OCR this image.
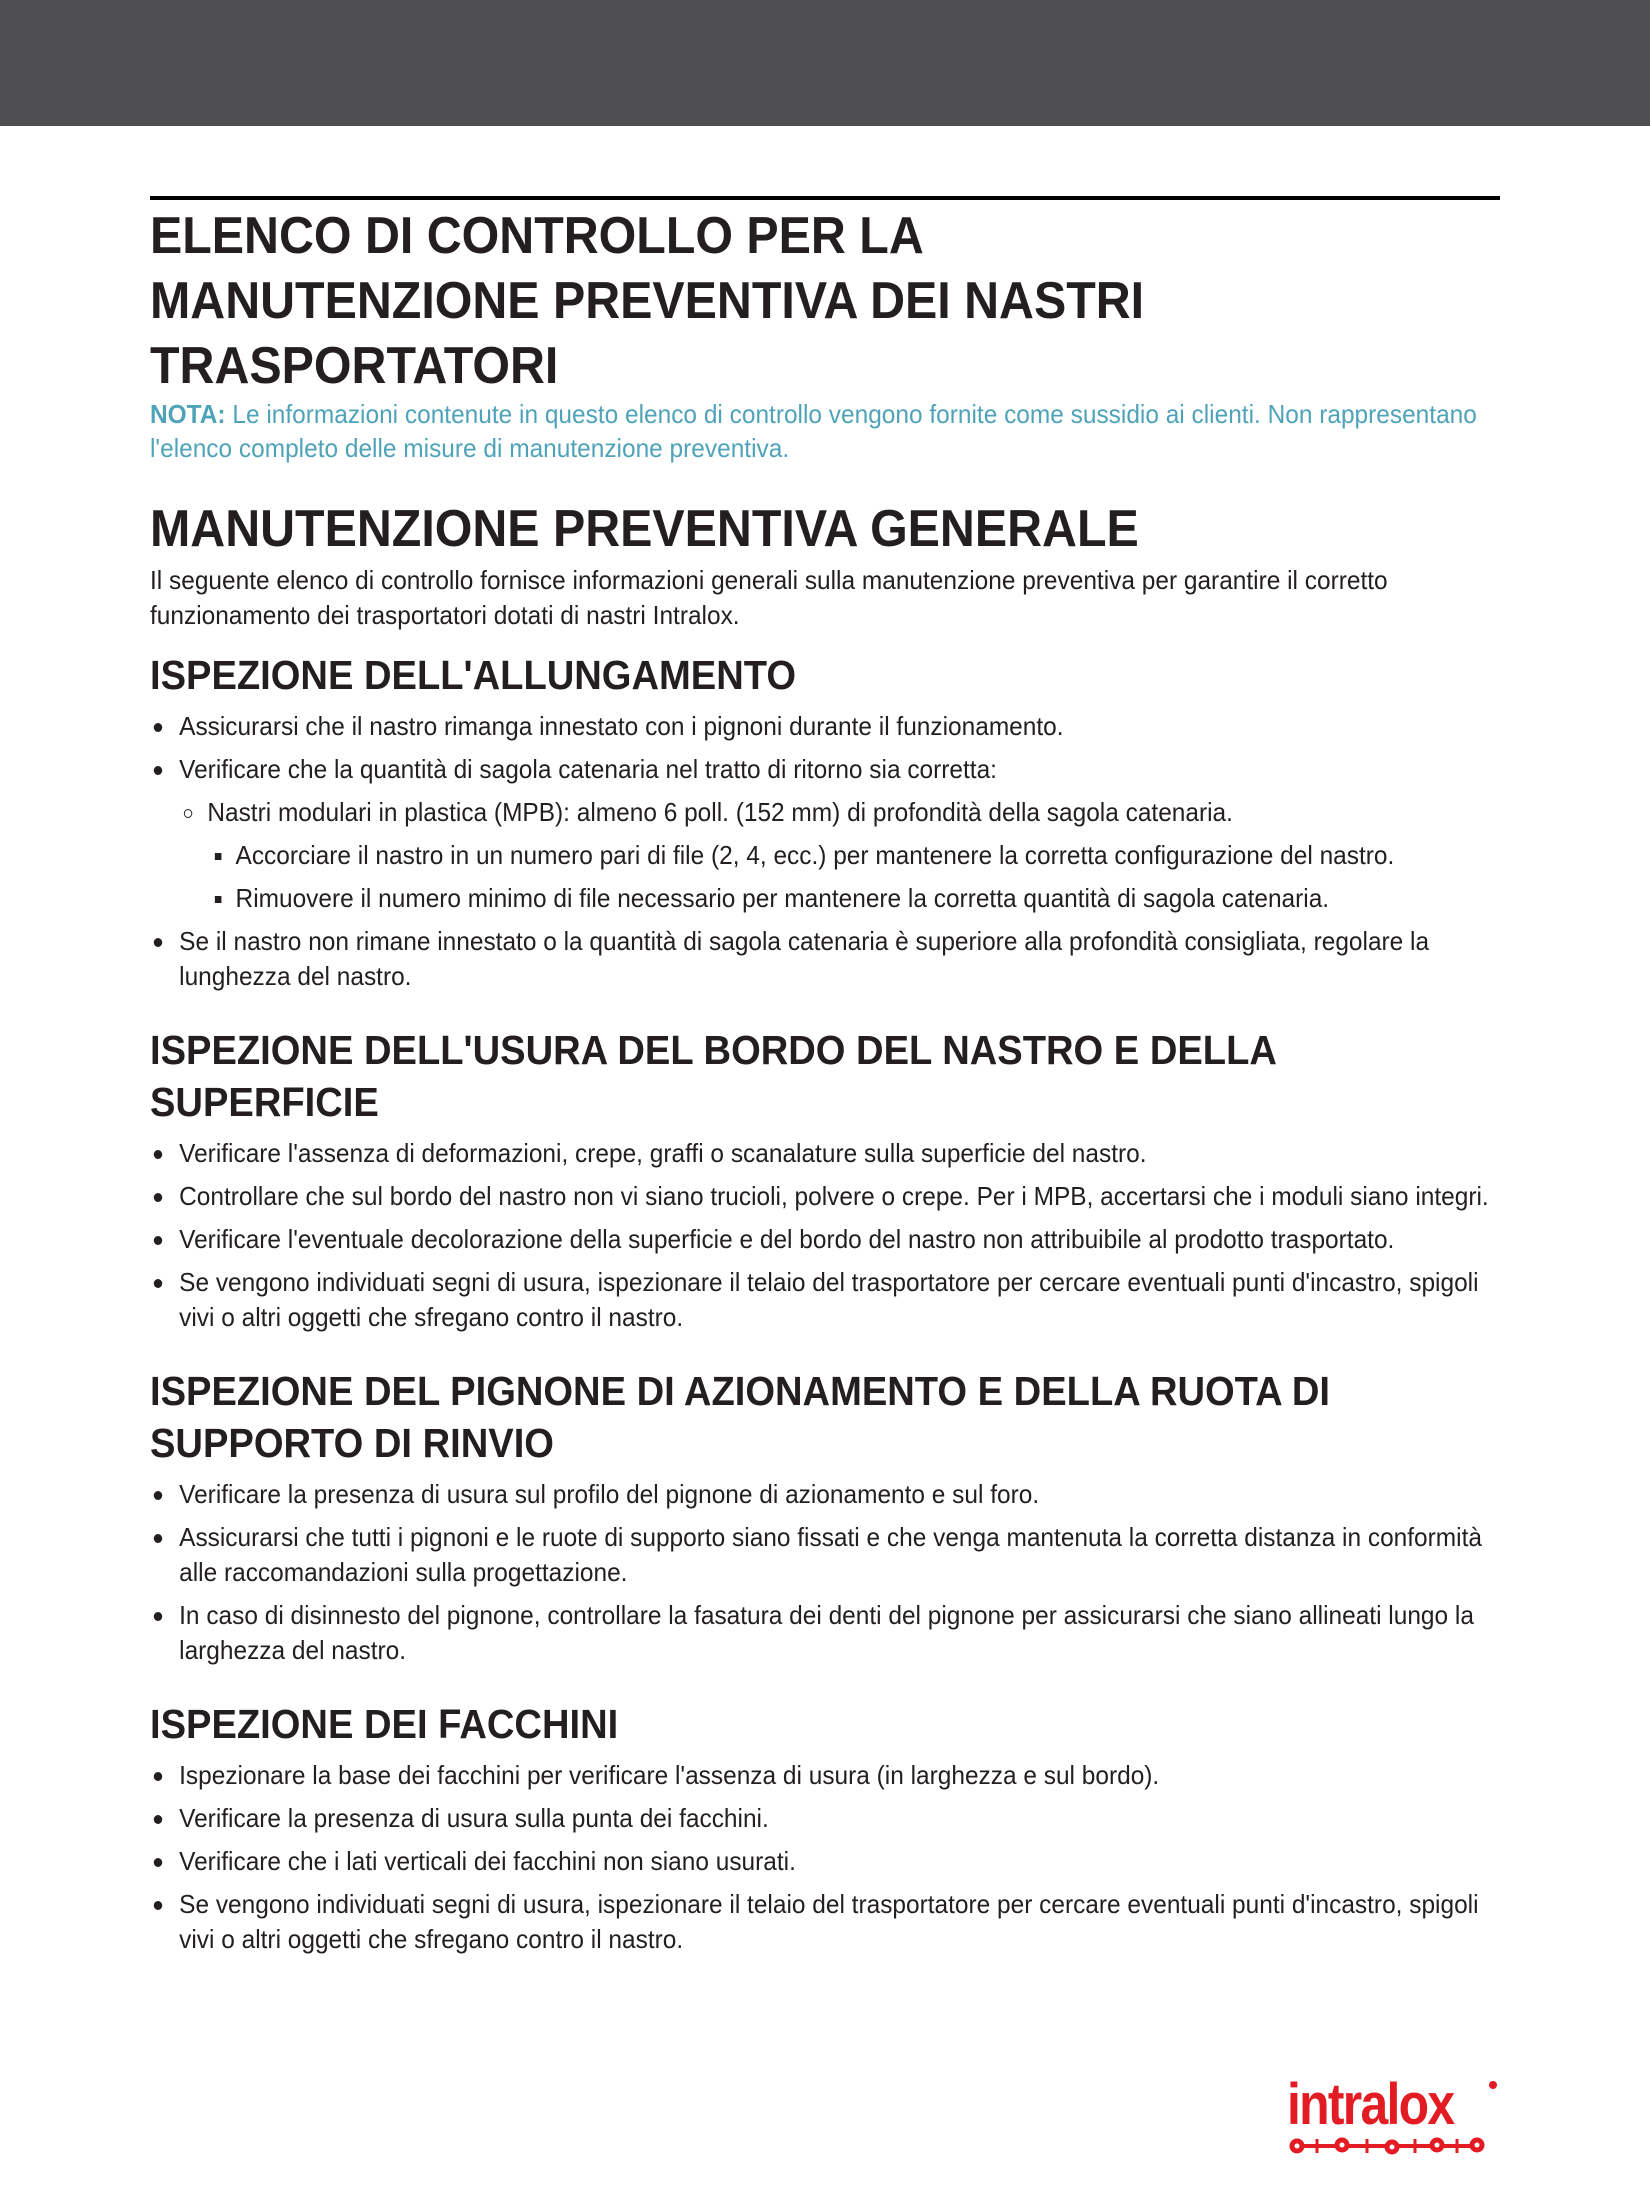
ELENCO DI CONTROLLO PER LA
MANUTENZIONE PREVENTIVA DEI NASTRI
TRASPORTATORI

NOTA: Le informazioni contenute in questo elenco di controllo vengono fornite come sussidio ai clienti. Non rappresentano l'elenco completo delle misure di manutenzione preventiva.

MANUTENZIONE PREVENTIVA GENERALE

Il seguente elenco di controllo fornisce informazioni generali sulla manutenzione preventiva per garantire il corretto funzionamento dei trasportatori dotati di nastri Intralox.

ISPEZIONE DELL'ALLUNGAMENTO
Assicurarsi che il nastro rimanga innestato con i pignoni durante il funzionamento.
Verificare che la quantità di sagola catenaria nel tratto di ritorno sia corretta:
Nastri modulari in plastica (MPB): almeno 6 poll. (152 mm) di profondità della sagola catenaria.
Accorciare il nastro in un numero pari di file (2, 4, ecc.) per mantenere la corretta configurazione del nastro.
Rimuovere il numero minimo di file necessario per mantenere la corretta quantità di sagola catenaria.
Se il nastro non rimane innestato o la quantità di sagola catenaria è superiore alla profondità consigliata, regolare la lunghezza del nastro.
ISPEZIONE DELL'USURA DEL BORDO DEL NASTRO E DELLA SUPERFICIE
Verificare l'assenza di deformazioni, crepe, graffi o scanalature sulla superficie del nastro.
Controllare che sul bordo del nastro non vi siano trucioli, polvere o crepe. Per i MPB, accertarsi che i moduli siano integri.
Verificare l'eventuale decolorazione della superficie e del bordo del nastro non attribuibile al prodotto trasportato.
Se vengono individuati segni di usura, ispezionare il telaio del trasportatore per cercare eventuali punti d'incastro, spigoli vivi o altri oggetti che sfregano contro il nastro.
ISPEZIONE DEL PIGNONE DI AZIONAMENTO E DELLA RUOTA DI SUPPORTO DI RINVIO
Verificare la presenza di usura sul profilo del pignone di azionamento e sul foro.
Assicurarsi che tutti i pignoni e le ruote di supporto siano fissati e che venga mantenuta la corretta distanza in conformità alle raccomandazioni sulla progettazione.
In caso di disinnesto del pignone, controllare la fasatura dei denti del pignone per assicurarsi che siano allineati lungo la larghezza del nastro.
ISPEZIONE DEI FACCHINI
Ispezionare la base dei facchini per verificare l'assenza di usura (in larghezza e sul bordo).
Verificare la presenza di usura sulla punta dei facchini.
Verificare che i lati verticali dei facchini non siano usurati.
Se vengono individuati segni di usura, ispezionare il telaio del trasportatore per cercare eventuali punti d'incastro, spigoli vivi o altri oggetti che sfregano contro il nastro.
intralox
